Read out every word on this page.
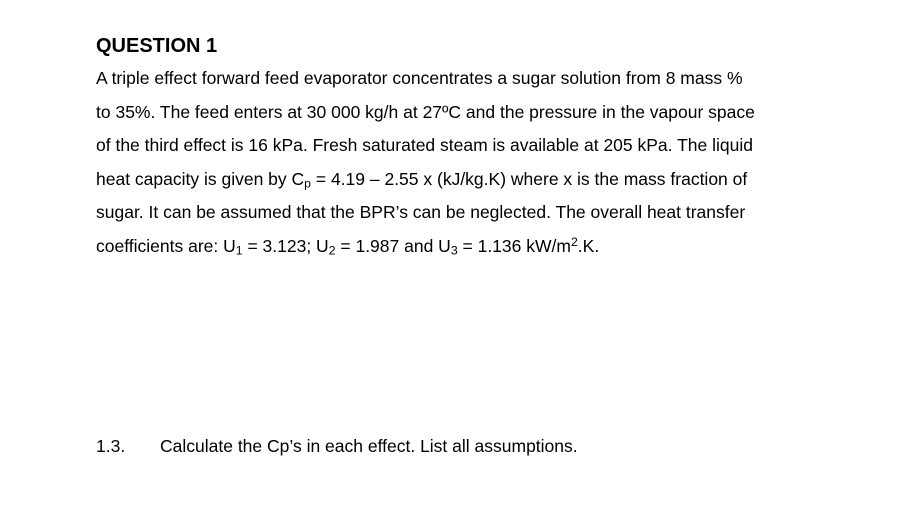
QUESTION 1
A triple effect forward feed evaporator concentrates a sugar solution from 8 mass %
to 35%. The feed enters at 30 000 kg/h at 27ºC and the pressure in the vapour space
of the third effect is 16 kPa. Fresh saturated steam is available at 205 kPa. The liquid
heat capacity is given by $C_p = 4.19 - 2.55$ x (kJ/kg.K) where x is the mass fraction of
sugar. It can be assumed that the BPR’s can be neglected. The overall heat transfer
coefficients are: $U_1 = 3.123$; $U_2 = 1.987$ and $U_3 = 1.136$ $kW/m^2.K$.
1.3. Calculate the Cp’s in each effect. List all assumptions.
